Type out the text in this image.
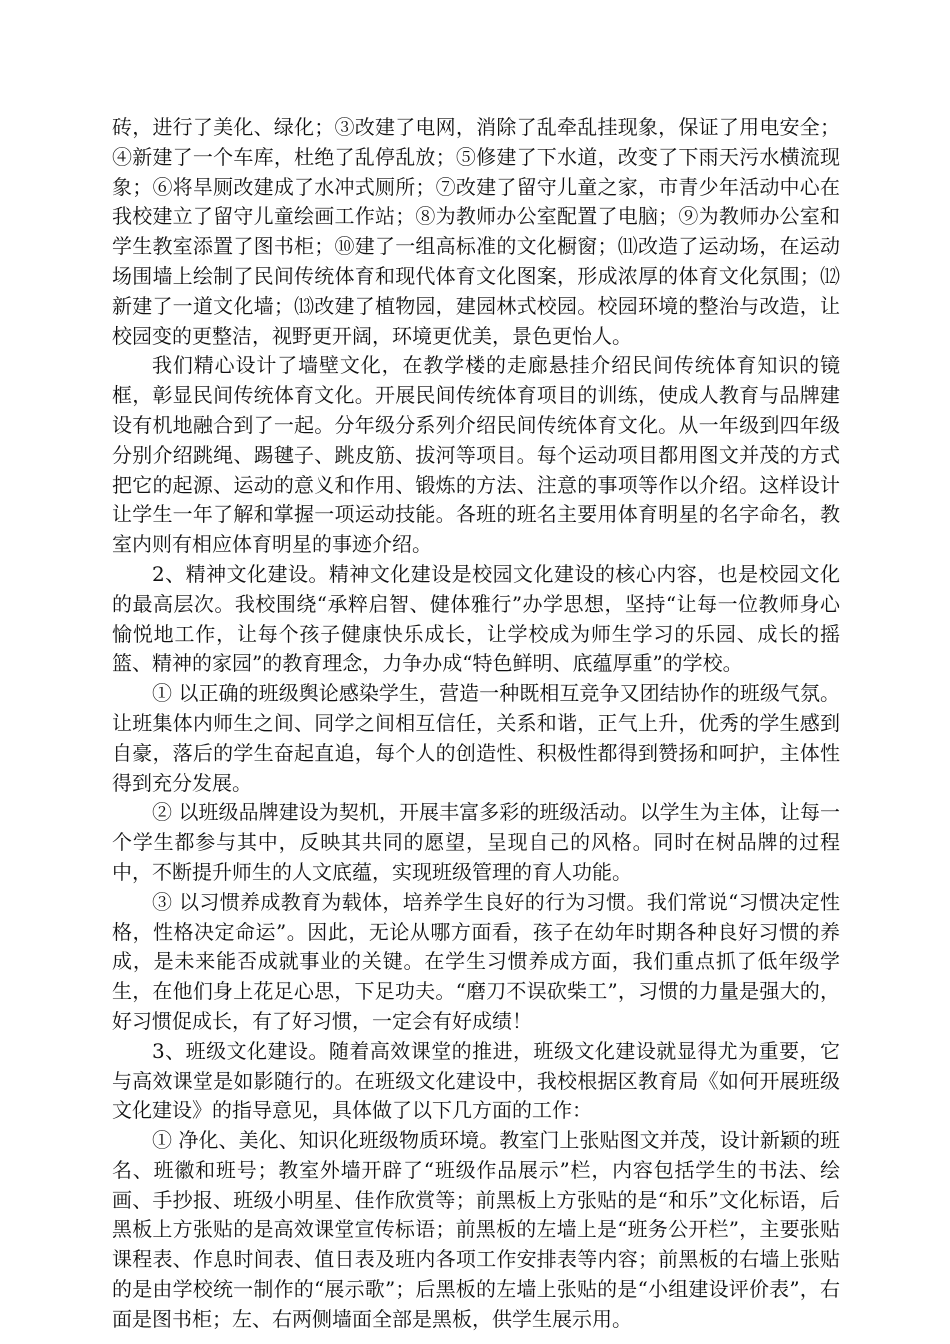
砖，进行了美化、绿化；③改建了电网，消除了乱牵乱挂现象，保证了用电安全；④新建了一个车库，杜绝了乱停乱放；⑤修建了下水道，改变了下雨天污水横流现象；⑥将旱厕改建成了水冲式厕所；⑦改建了留守儿童之家，市青少年活动中心在我校建立了留守儿童绘画工作站；⑧为教师办公室配置了电脑；⑨为教师办公室和学生教室添置了图书柜；⑩建了一组高标准的文化橱窗；⑾改造了运动场，在运动场围墙上绘制了民间传统体育和现代体育文化图案，形成浓厚的体育文化氛围；⑿新建了一道文化墙；⒀改建了植物园，建园林式校园。校园环境的整治与改造，让校园变的更整洁，视野更开阔，环境更优美，景色更怡人。

我们精心设计了墙壁文化，在教学楼的走廊悬挂介绍民间传统体育知识的镜框，彰显民间传统体育文化。开展民间传统体育项目的训练，使成人教育与品牌建设有机地融合到了一起。分年级分系列介绍民间传统体育文化。从一年级到四年级分别介绍跳绳、踢毽子、跳皮筋、拔河等项目。每个运动项目都用图文并茂的方式把它的起源、运动的意义和作用、锻炼的方法、注意的事项等作以介绍。这样设计让学生一年了解和掌握一项运动技能。各班的班名主要用体育明星的名字命名，教室内则有相应体育明星的事迹介绍。

2、精神文化建设。精神文化建设是校园文化建设的核心内容，也是校园文化的最高层次。我校围绕“承粹启智、健体雅行”办学思想，坚持“让每一位教师身心愉悦地工作，让每个孩子健康快乐成长，让学校成为师生学习的乐园、成长的摇篮、精神的家园”的教育理念，力争办成“特色鲜明、底蕴厚重”的学校。

① 以正确的班级舆论感染学生，营造一种既相互竞争又团结协作的班级气氛。让班集体内师生之间、同学之间相互信任，关系和谐，正气上升，优秀的学生感到自豪，落后的学生奋起直追，每个人的创造性、积极性都得到赞扬和呵护，主体性得到充分发展。

② 以班级品牌建设为契机，开展丰富多彩的班级活动。以学生为主体，让每一个学生都参与其中，反映其共同的愿望，呈现自己的风格。同时在树品牌的过程中，不断提升师生的人文底蕴，实现班级管理的育人功能。

③ 以习惯养成教育为载体，培养学生良好的行为习惯。我们常说“习惯决定性格，性格决定命运”。因此，无论从哪方面看，孩子在幼年时期各种良好习惯的养成，是未来能否成就事业的关键。在学生习惯养成方面，我们重点抓了低年级学生，在他们身上花足心思，下足功夫。“磨刀不误砍柴工”，习惯的力量是强大的，好习惯促成长，有了好习惯，一定会有好成绩！

3、班级文化建设。随着高效课堂的推进，班级文化建设就显得尤为重要，它与高效课堂是如影随行的。在班级文化建设中，我校根据区教育局《如何开展班级文化建设》的指导意见，具体做了以下几方面的工作：

① 净化、美化、知识化班级物质环境。教室门上张贴图文并茂，设计新颖的班名、班徽和班号；教室外墙开辟了“班级作品展示”栏，内容包括学生的书法、绘画、手抄报、班级小明星、佳作欣赏等；前黑板上方张贴的是“和乐”文化标语，后黑板上方张贴的是高效课堂宣传标语；前黑板的左墙上是“班务公开栏”，主要张贴课程表、作息时间表、值日表及班内各项工作安排表等内容；前黑板的右墙上张贴的是由学校统一制作的“展示歌”；后黑板的左墙上张贴的是“小组建设评价表”，右面是图书柜；左、右两侧墙面全部是黑板，供学生展示用。
